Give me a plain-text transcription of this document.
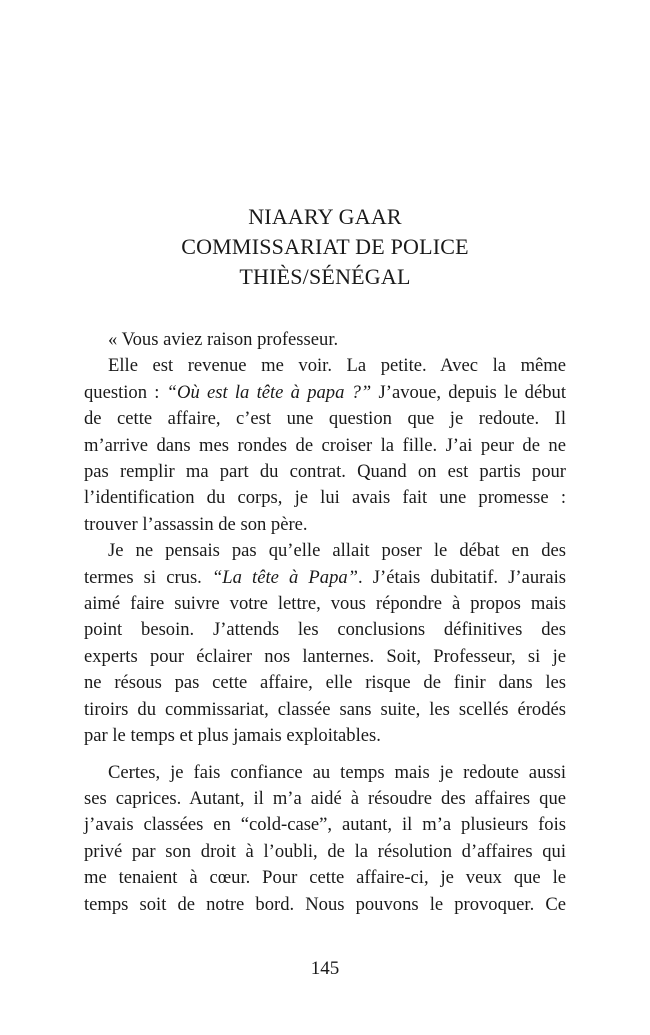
NIAARY GAAR
COMMISSARIAT DE POLICE
THIÈS/SÉNÉGAL

« Vous aviez raison professeur.

Elle est revenue me voir. La petite. Avec la même
question : “Où est la tête à papa ?” J’avoue, depuis le début
de cette affaire, c’est une question que je redoute. Il
m’arrive dans mes rondes de croiser la fille. J’ai peur de ne
pas remplir ma part du contrat. Quand on est partis pour
l’identification du corps, je lui avais fait une promesse :
trouver l’assassin de son père.

Je ne pensais pas qu’elle allait poser le débat en des
termes si crus. “La tête à Papa”. J’étais dubitatif. J’aurais
aimé faire suivre votre lettre, vous répondre à propos mais
point besoin. J’attends les conclusions définitives des
experts pour éclairer nos lanternes. Soit, Professeur, si je
ne résous pas cette affaire, elle risque de finir dans les
tiroirs du commissariat, classée sans suite, les scellés érodés
par le temps et plus jamais exploitables.

Certes, je fais confiance au temps mais je redoute aussi
ses caprices. Autant, il m’a aidé à résoudre des affaires que
j’avais classées en “cold-case”, autant, il m’a plusieurs fois
privé par son droit à l’oubli, de la résolution d’affaires qui
me tenaient à cœur. Pour cette affaire-ci, je veux que le
temps soit de notre bord. Nous pouvons le provoquer. Ce

145
